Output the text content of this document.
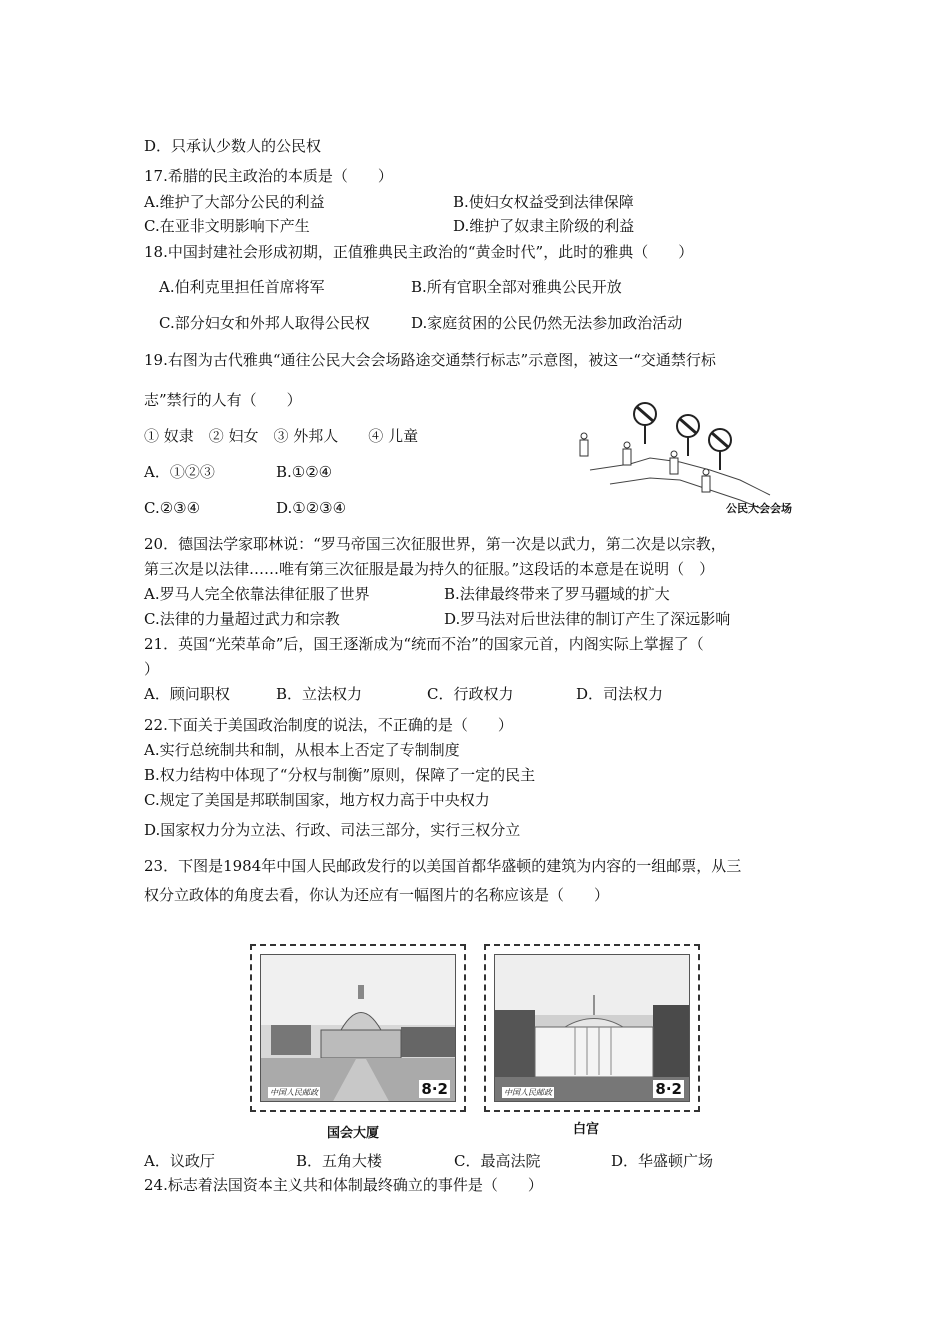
D．只承认少数人的公民权
17.希腊的民主政治的本质是（　　）
A.维护了大部分公民的利益	B.使妇女权益受到法律保障
C.在亚非文明影响下产生	D.维护了奴隶主阶级的利益
18.中国封建社会形成初期，正值雅典民主政治的“黄金时代”，此时的雅典（　　）
A.伯利克里担任首席将军	B.所有官职全部对雅典公民开放
C.部分妇女和外邦人取得公民权	D.家庭贫困的公民仍然无法参加政治活动
19.右图为古代雅典“通往公民大会会场路途交通禁行标志”示意图，被这一“交通禁行标
志”禁行的人有（　　）
① 奴隶　② 妇女　③ 外邦人　　④ 儿童
A．①②③	B.①②④
C.②③④	D.①②③④	公民大会会场
20．德国法学家耶林说：“罗马帝国三次征服世界，第一次是以武力，第二次是以宗教，
第三次是以法律……唯有第三次征服是最为持久的征服。”这段话的本意是在说明（　）
A.罗马人完全依靠法律征服了世界	B.法律最终带来了罗马疆域的扩大
C.法律的力量超过武力和宗教	D.罗马法对后世法律的制订产生了深远影响
21．英国“光荣革命”后，国王逐渐成为“统而不治”的国家元首，内阁实际上掌握了（
）
A．顾问职权	B．立法权力	C．行政权力	D．司法权力
22.下面关于美国政治制度的说法，不正确的是（　　）
A.实行总统制共和制，从根本上否定了专制制度
B.权力结构中体现了“分权与制衡”原则，保障了一定的民主
C.规定了美国是邦联制国家，地方权力高于中央权力
D.国家权力分为立法、行政、司法三部分，实行三权分立
23．下图是1984年中国人民邮政发行的以美国首都华盛顿的建筑为内容的一组邮票，从三
权分立政体的角度去看，你认为还应有一幅图片的名称应该是（　　）
中国人民邮政	8·2
国会大厦
中国人民邮政	8·2
白宫
A．议政厅	B．五角大楼	C．最高法院	D．华盛顿广场
24.标志着法国资本主义共和体制最终确立的事件是（　　）
